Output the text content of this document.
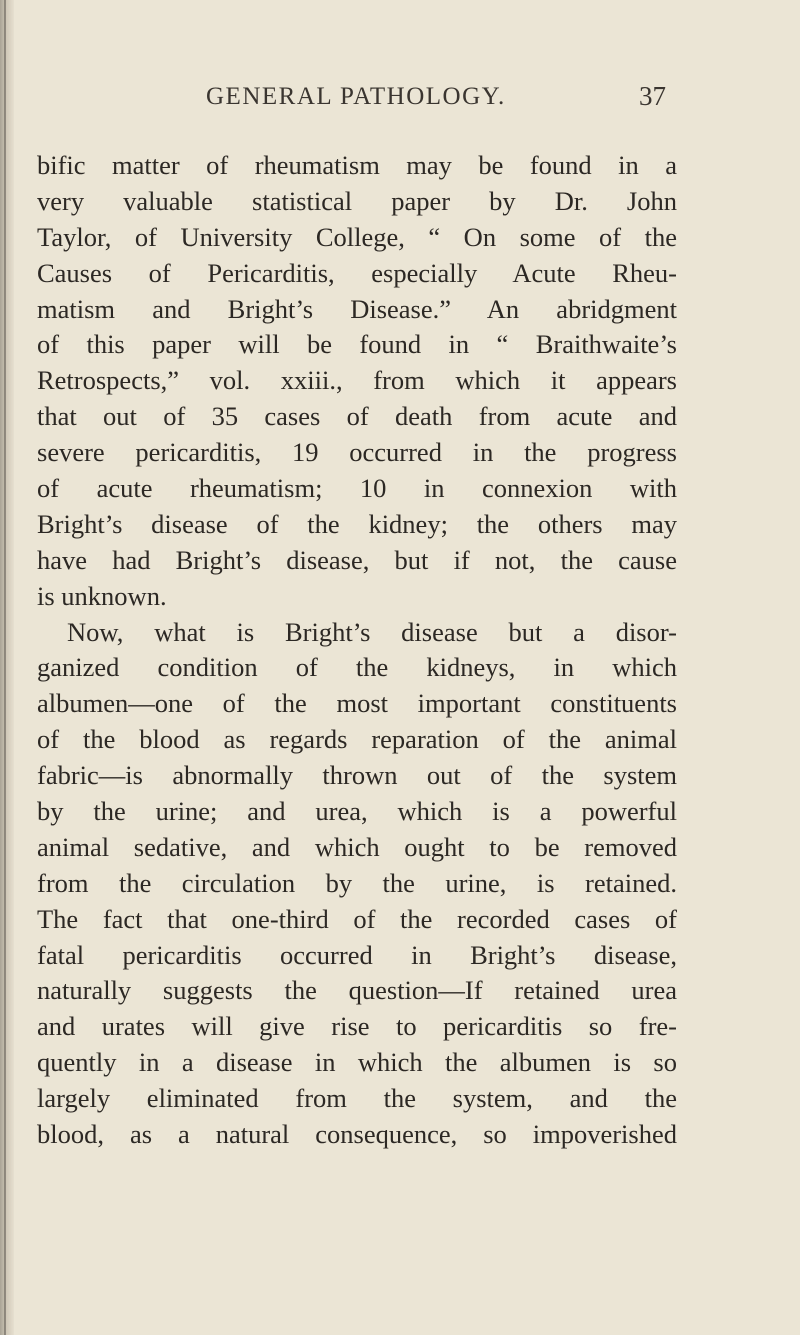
GENERAL PATHOLOGY.	37
bific matter of rheumatism may be found in a
very valuable statistical paper by Dr. John
Taylor, of University College, “ On some of the
Causes of Pericarditis, especially Acute Rheu-
matism and Bright’s Disease.” An abridgment
of this paper will be found in “ Braithwaite’s
Retrospects,” vol. xxiii., from which it appears
that out of 35 cases of death from acute and
severe pericarditis, 19 occurred in the progress
of acute rheumatism; 10 in connexion with
Bright’s disease of the kidney; the others may
have had Bright’s disease, but if not, the cause
is unknown.
Now, what is Bright’s disease but a disor-
ganized condition of the kidneys, in which
albumen—one of the most important constituents
of the blood as regards reparation of the animal
fabric—is abnormally thrown out of the system
by the urine; and urea, which is a powerful
animal sedative, and which ought to be removed
from the circulation by the urine, is retained.
The fact that one-third of the recorded cases of
fatal pericarditis occurred in Bright’s disease,
naturally suggests the question—If retained urea
and urates will give rise to pericarditis so fre-
quently in a disease in which the albumen is so
largely eliminated from the system, and the
blood, as a natural consequence, so impoverished
